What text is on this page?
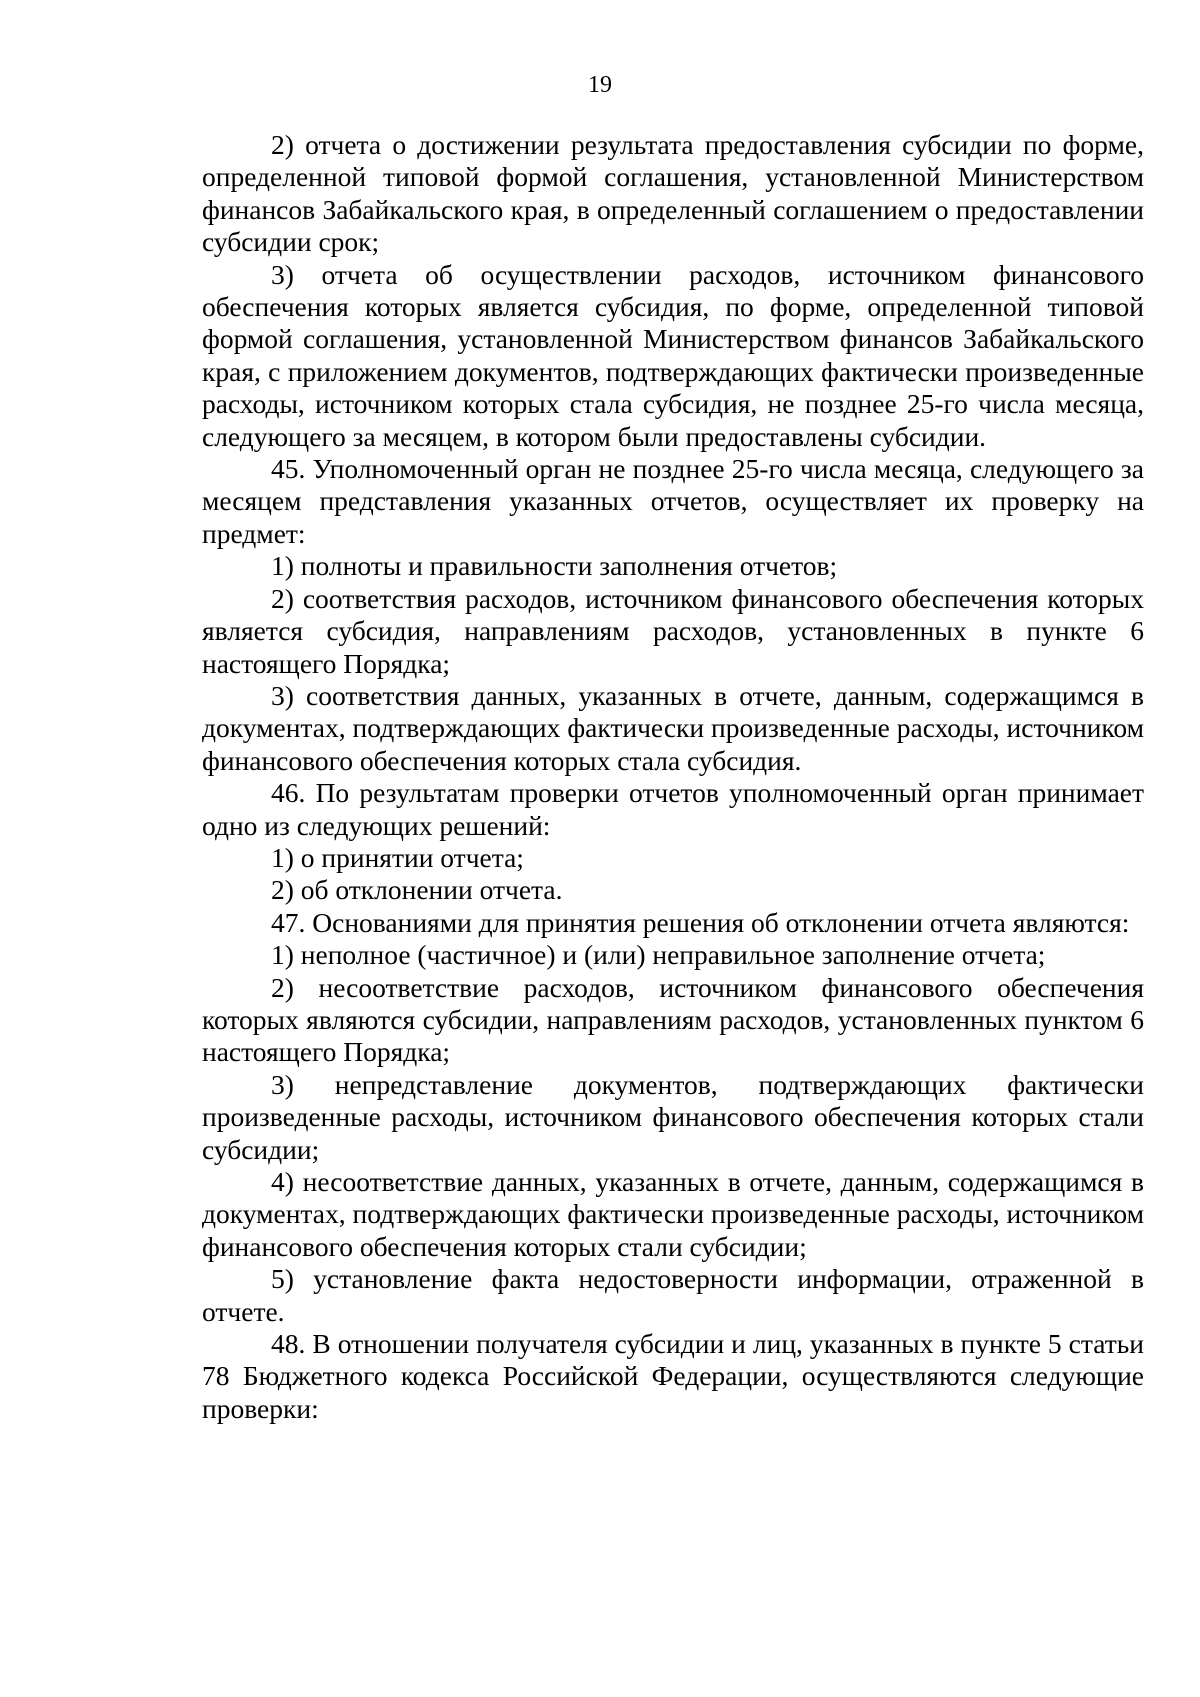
19

2) отчета о достижении результата предоставления субсидии по форме, определенной типовой формой соглашения, установленной Министерством финансов Забайкальского края, в определенный соглашением о предоставлении субсидии срок;

3) отчета об осуществлении расходов, источником финансового обеспечения которых является субсидия, по форме, определенной типовой формой соглашения, установленной Министерством финансов Забайкальского края, с приложением документов, подтверждающих фактически произведенные расходы, источником которых стала субсидия, не позднее 25-го числа месяца, следующего за месяцем, в котором были предоставлены субсидии.

45. Уполномоченный орган не позднее 25-го числа месяца, следующего за месяцем представления указанных отчетов, осуществляет их проверку на предмет:

1) полноты и правильности заполнения отчетов;

2) соответствия расходов, источником финансового обеспечения которых является субсидия, направлениям расходов, установленных в пункте 6 настоящего Порядка;

3) соответствия данных, указанных в отчете, данным, содержащимся в документах, подтверждающих фактически произведенные расходы, источником финансового обеспечения которых стала субсидия.

46. По результатам проверки отчетов уполномоченный орган принимает одно из следующих решений:

1) о принятии отчета;

2) об отклонении отчета.

47. Основаниями для принятия решения об отклонении отчета являются:

1) неполное (частичное) и (или) неправильное заполнение отчета;

2) несоответствие расходов, источником финансового обеспечения которых являются субсидии, направлениям расходов, установленных пунктом 6 настоящего Порядка;

3) непредставление документов, подтверждающих фактически произведенные расходы, источником финансового обеспечения которых стали субсидии;

4) несоответствие данных, указанных в отчете, данным, содержащимся в документах, подтверждающих фактически произведенные расходы, источником финансового обеспечения которых стали субсидии;

5) установление факта недостоверности информации, отраженной в отчете.

48. В отношении получателя субсидии и лиц, указанных в пункте 5 статьи 78 Бюджетного кодекса Российской Федерации, осуществляются следующие проверки:
